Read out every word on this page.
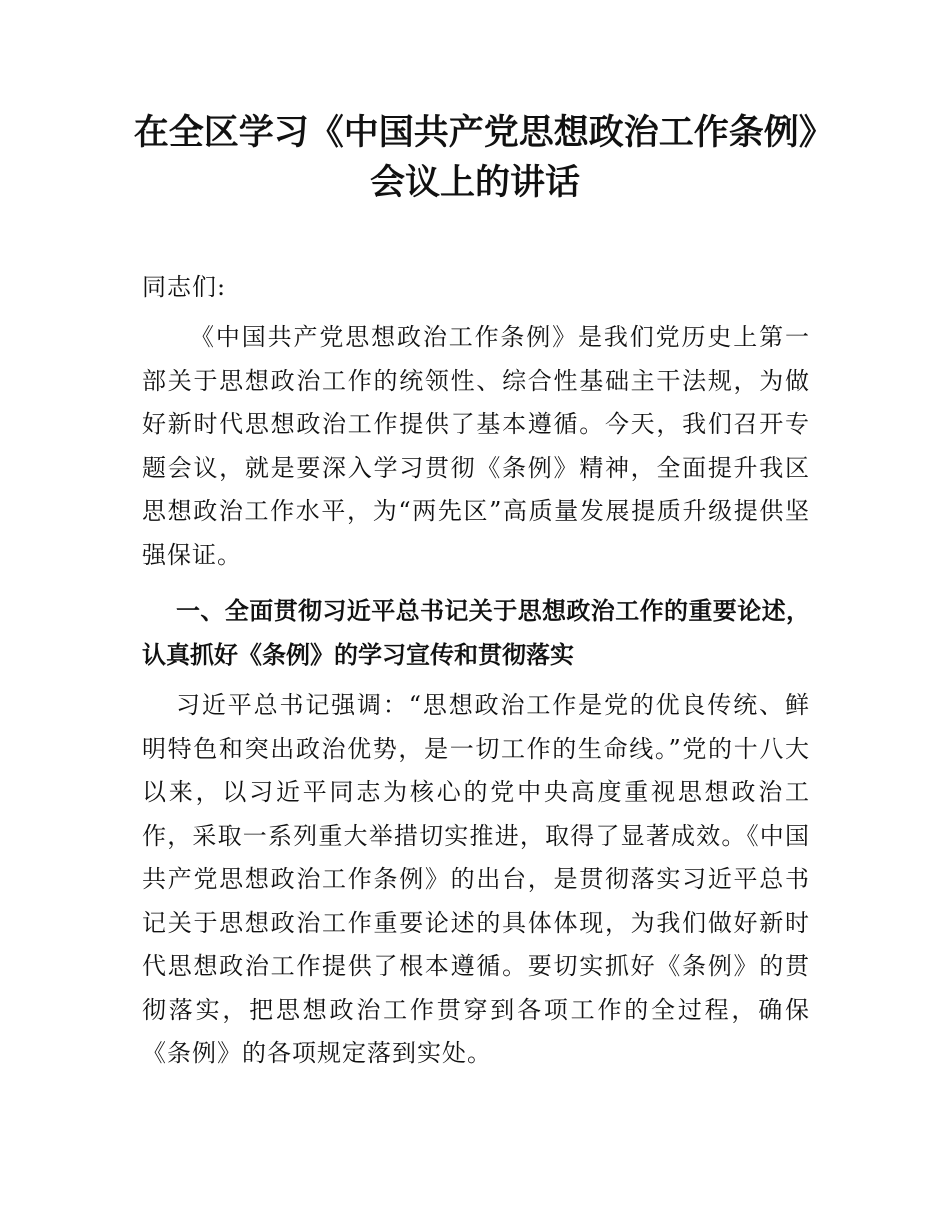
在全区学习《中国共产党思想政治工作条例》会议上的讲话

同志们:

《中国共产党思想政治工作条例》是我们党历史上第一部关于思想政治工作的统领性、综合性基础主干法规，为做好新时代思想政治工作提供了基本遵循。今天，我们召开专题会议，就是要深入学习贯彻《条例》精神，全面提升我区思想政治工作水平，为“两先区”高质量发展提质升级提供坚强保证。

一、全面贯彻习近平总书记关于思想政治工作的重要论述，认真抓好《条例》的学习宣传和贯彻落实

习近平总书记强调：“思想政治工作是党的优良传统、鲜明特色和突出政治优势，是一切工作的生命线。”党的十八大以来，以习近平同志为核心的党中央高度重视思想政治工作，采取一系列重大举措切实推进，取得了显著成效。《中国共产党思想政治工作条例》的出台，是贯彻落实习近平总书记关于思想政治工作重要论述的具体体现，为我们做好新时代思想政治工作提供了根本遵循。要切实抓好《条例》的贯彻落实，把思想政治工作贯穿到各项工作的全过程，确保《条例》的各项规定落到实处。
